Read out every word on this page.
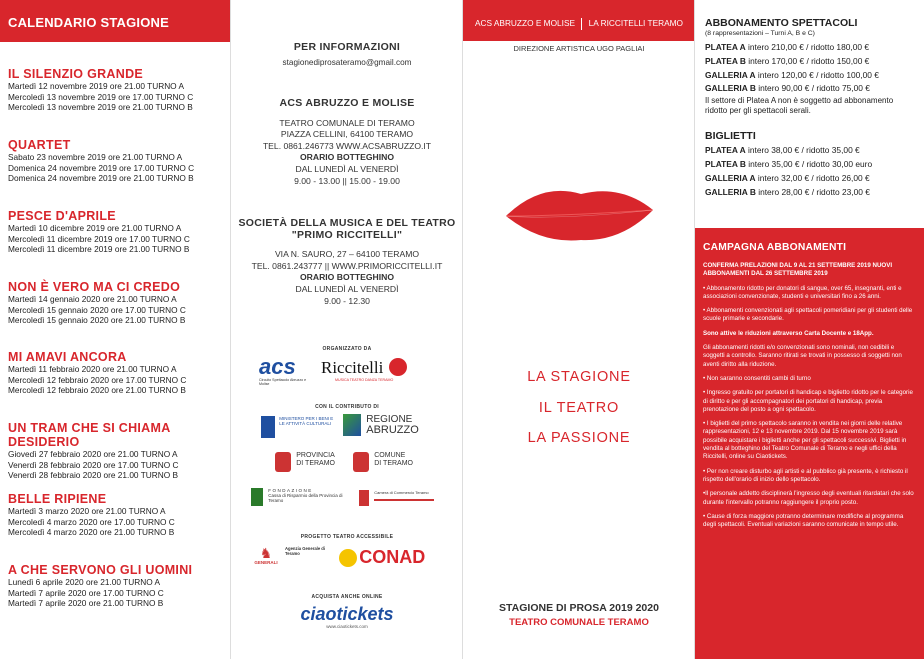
CALENDARIO STAGIONE
IL SILENZIO GRANDE
Martedì 12 novembre 2019 ore 21.00 TURNO A
Mercoledì 13 novembre 2019 ore 17.00 TURNO C
Mercoledì 13 novembre 2019 ore 21.00 TURNO B
QUARTET
Sabato 23 novembre 2019 ore 21.00 TURNO A
Domenica 24 novembre 2019 ore 17.00 TURNO C
Domenica 24 novembre 2019 ore 21.00 TURNO B
PESCE D'APRILE
Martedì 10 dicembre 2019 ore 21.00 TURNO A
Mercoledì 11 dicembre 2019 ore 17.00 TURNO C
Mercoledì 11 dicembre 2019 ore 21.00 TURNO B
NON È VERO MA CI CREDO
Martedì 14 gennaio 2020 ore 21.00 TURNO A
Mercoledì 15 gennaio 2020 ore 17.00 TURNO C
Mercoledì 15 gennaio 2020 ore 21.00 TURNO B
MI AMAVI ANCORA
Martedì 11 febbraio 2020 ore 21.00 TURNO A
Mercoledì 12 febbraio 2020 ore 17.00 TURNO C
Mercoledì 12 febbraio 2020 ore 21.00 TURNO B
UN TRAM CHE SI CHIAMA DESIDERIO
Giovedì 27 febbraio 2020 ore 21.00 TURNO A
Venerdì 28 febbraio 2020 ore 17.00 TURNO C
Venerdì 28 febbraio 2020 ore 21.00 TURNO B
BELLE RIPIENE
Martedì 3 marzo 2020 ore 21.00 TURNO A
Mercoledì 4 marzo 2020 ore 17.00 TURNO C
Mercoledì 4 marzo 2020 ore 21.00 TURNO B
A CHE SERVONO GLI UOMINI
Lunedì 6 aprile 2020 ore 21.00 TURNO A
Martedì 7 aprile 2020 ore 17.00 TURNO C
Martedì 7 aprile 2020 ore 21.00 TURNO B
PER INFORMAZIONI
stagionediprosateramo@gmail.com
ACS ABRUZZO E MOLISE
TEATRO COMUNALE DI TERAMO
PIAZZA CELLINI, 64100 TERAMO
TEL. 0861.246773 WWW.ACSABRUZZO.IT
ORARIO BOTTEGHINO
DAL LUNEDÌ AL VENERDÌ
9.00 - 13.00 || 15.00 - 19.00
SOCIETÀ DELLA MUSICA E DEL TEATRO
"PRIMO RICCITELLI"
VIA N. SAURO, 27 – 64100 TERAMO
TEL. 0861.243777 || WWW.PRIMORICCITELLI.IT
ORARIO BOTTEGHINO
DAL LUNEDÌ AL VENERDÌ
9.00 - 12.30
ORGANIZZATO DA
acs
Circuito Spettacolo Abruzzo e Molise
Riccitelli
MUSICA TEATRO DANZA TERAMO
CON IL CONTRIBUTO DI
MINISTERO PER I BENI E LE ATTIVITÀ CULTURALI
	REGIONE
ABRUZZO

PROVINCIA
DI TERAMO

COMUNE
DI TERAMO

FONDAZIONE
Cassa di Risparmio della Provincia di Teramo
Camera di Commercio Teramo
PROGETTO TEATRO ACCESSIBILE
♞
GENERALI
Agenzia Generale di Teramo	CONAD
ACQUISTA ANCHE ONLINE
ciaotickets
www.ciaotickets.com
ACS ABRUZZO E MOLISE LA RICCITELLI TERAMO
DIREZIONE ARTISTICA UGO PAGLIAI
LA STAGIONE
IL TEATRO
LA PASSIONE
STAGIONE DI PROSA 2019 2020
TEATRO COMUNALE TERAMO
ABBONAMENTO SPETTACOLI
(8 rappresentazioni – Turni A, B e C)
PLATEA A intero 210,00 € / ridotto 180,00 €
PLATEA B intero 170,00 € / ridotto 150,00 €
GALLERIA A intero 120,00 € / ridotto 100,00 €
GALLERIA B intero 90,00 € / ridotto 75,00 €
Il settore di Platea A non è soggetto ad abbonamento ridotto per gli spettacoli serali.
BIGLIETTI
PLATEA A intero 38,00 € / ridotto 35,00 €
PLATEA B intero 35,00 € / ridotto 30,00 euro
GALLERIA A intero 32,00 € / ridotto 26,00 €
GALLERIA B intero 28,00 € / ridotto 23,00 €
CAMPAGNA ABBONAMENTI

CONFERMA PRELAZIONI DAL 9 AL 21 SETTEMBRE 2019 NUOVI ABBONAMENTI DAL 26 SETTEMBRE 2019

• Abbonamento ridotto per donatori di sangue, over 65, insegnanti, enti e associazioni convenzionate, studenti e universitari fino a 26 anni.

• Abbonamenti convenzionati agli spettacoli pomeridiani per gli studenti delle scuole primarie e secondarie.

Sono attive le riduzioni attraverso Carta Docente e 18App.

Gli abbonamenti ridotti e/o convenzionati sono nominali, non cedibili e soggetti a controllo. Saranno ritirati se trovati in possesso di soggetti non aventi diritto alla riduzione.

• Non saranno consentiti cambi di turno

• Ingresso gratuito per portatori di handicap e biglietto ridotto per le categorie di diritto e per gli accompagnatori dei portatori di handicap, previa prenotazione del posto a ogni spettacolo.

• I biglietti del primo spettacolo saranno in vendita nei giorni delle relative rappresentazioni, 12 e 13 novembre 2019. Dal 15 novembre 2019 sarà possibile acquistare i biglietti anche per gli spettacoli successivi. Biglietti in vendita al botteghino del Teatro Comunale di Teramo e negli uffici della Riccitelli, online su Ciaotickets.

• Per non creare disturbo agli artisti e al pubblico già presente, è richiesto il rispetto dell'orario di inizio dello spettacolo.

•Il personale addetto disciplinerà l'ingresso degli eventuali ritardatari che solo durante l'intervallo potranno raggiungere il proprio posto.

• Cause di forza maggiore potranno determinare modifiche al programma degli spettacoli. Eventuali variazioni saranno comunicate in tempo utile.
